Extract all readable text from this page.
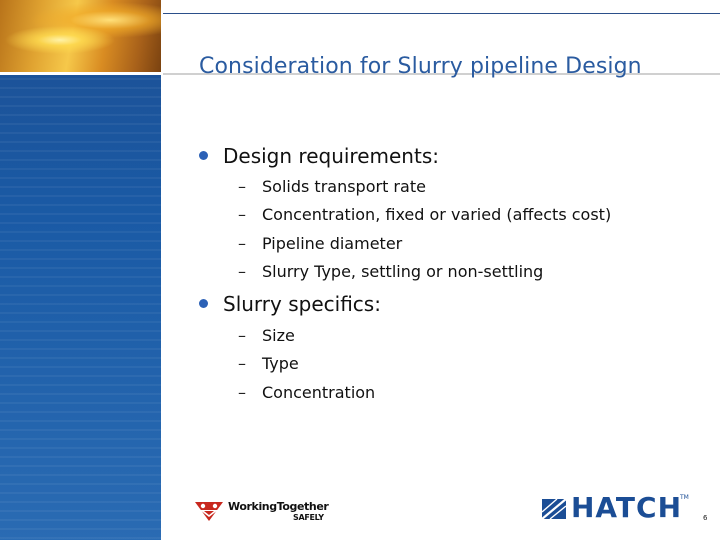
Consideration for Slurry pipeline Design
Design requirements:
– Solids transport rate
– Concentration, fixed or varied (affects cost)
– Pipeline diameter
– Slurry Type, settling or non-settling
Slurry specifics:
– Size
– Type
– Concentration
WorkingTogether
SAFELY	HATCH
TM
6
